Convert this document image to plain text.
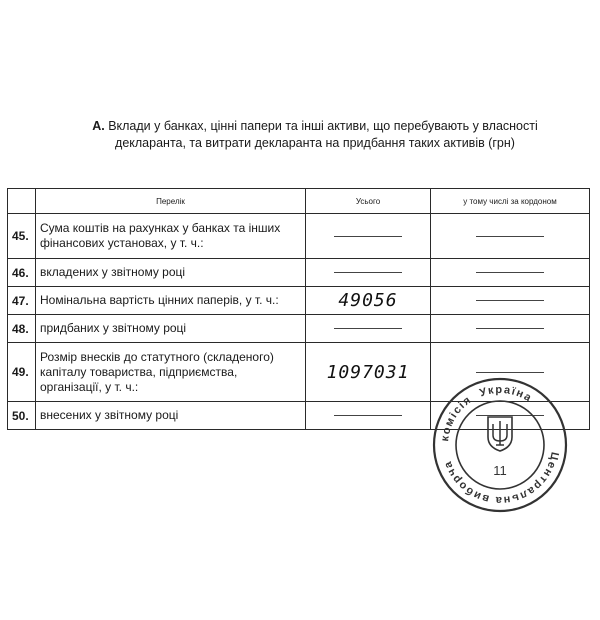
А. Вклади у банках, цінні папери та інші активи, що перебувають у власності
декларанта, та витрати декларанта на придбання таких активів (грн)
	Перелік	Усього	у тому числі за кордоном
45.	Сума коштів на рахунках у банках та інших фінансових установах, у т. ч.:	

46.	вкладених у звітному році	

47.	Номінальна вартість цінних паперів, у т. ч.:	49056	

48.	придбаних у звітному році	

49.	Розмір внесків до статутного (складеного) капіталу товариства, підприємства, організації, у т. ч.:	1097031	

50.	внесених у звітному році	

Центральна виборча
комісія
Україна
11
